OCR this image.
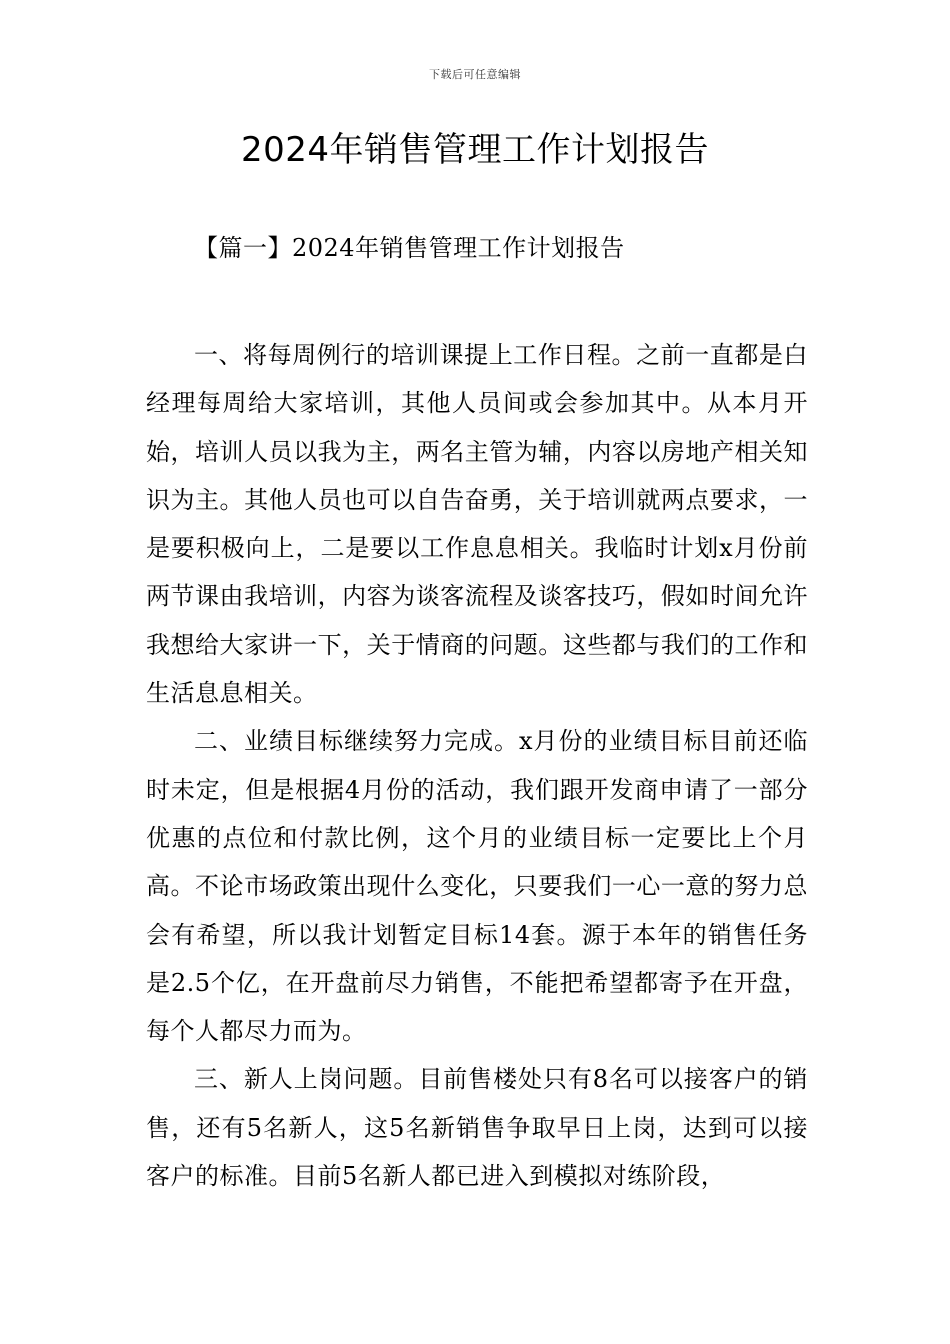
下载后可任意编辑
2024年销售管理工作计划报告

【篇一】2024年销售管理工作计划报告

一、将每周例行的培训课提上工作日程。之前一直都是白经理每周给大家培训，其他人员间或会参加其中。从本月开始，培训人员以我为主，两名主管为辅，内容以房地产相关知识为主。其他人员也可以自告奋勇，关于培训就两点要求，一是要积极向上，二是要以工作息息相关。我临时计划x月份前两节课由我培训，内容为谈客流程及谈客技巧，假如时间允许我想给大家讲一下，关于情商的问题。这些都与我们的工作和生活息息相关。

二、业绩目标继续努力完成。x月份的业绩目标目前还临时未定，但是根据4月份的活动，我们跟开发商申请了一部分优惠的点位和付款比例，这个月的业绩目标一定要比上个月高。不论市场政策出现什么变化，只要我们一心一意的努力总会有希望，所以我计划暂定目标14套。源于本年的销售任务是2.5个亿，在开盘前尽力销售，不能把希望都寄予在开盘，每个人都尽力而为。

三、新人上岗问题。目前售楼处只有8名可以接客户的销售，还有5名新人，这5名新销售争取早日上岗，达到可以接客户的标准。目前5名新人都已进入到模拟对练阶段，
